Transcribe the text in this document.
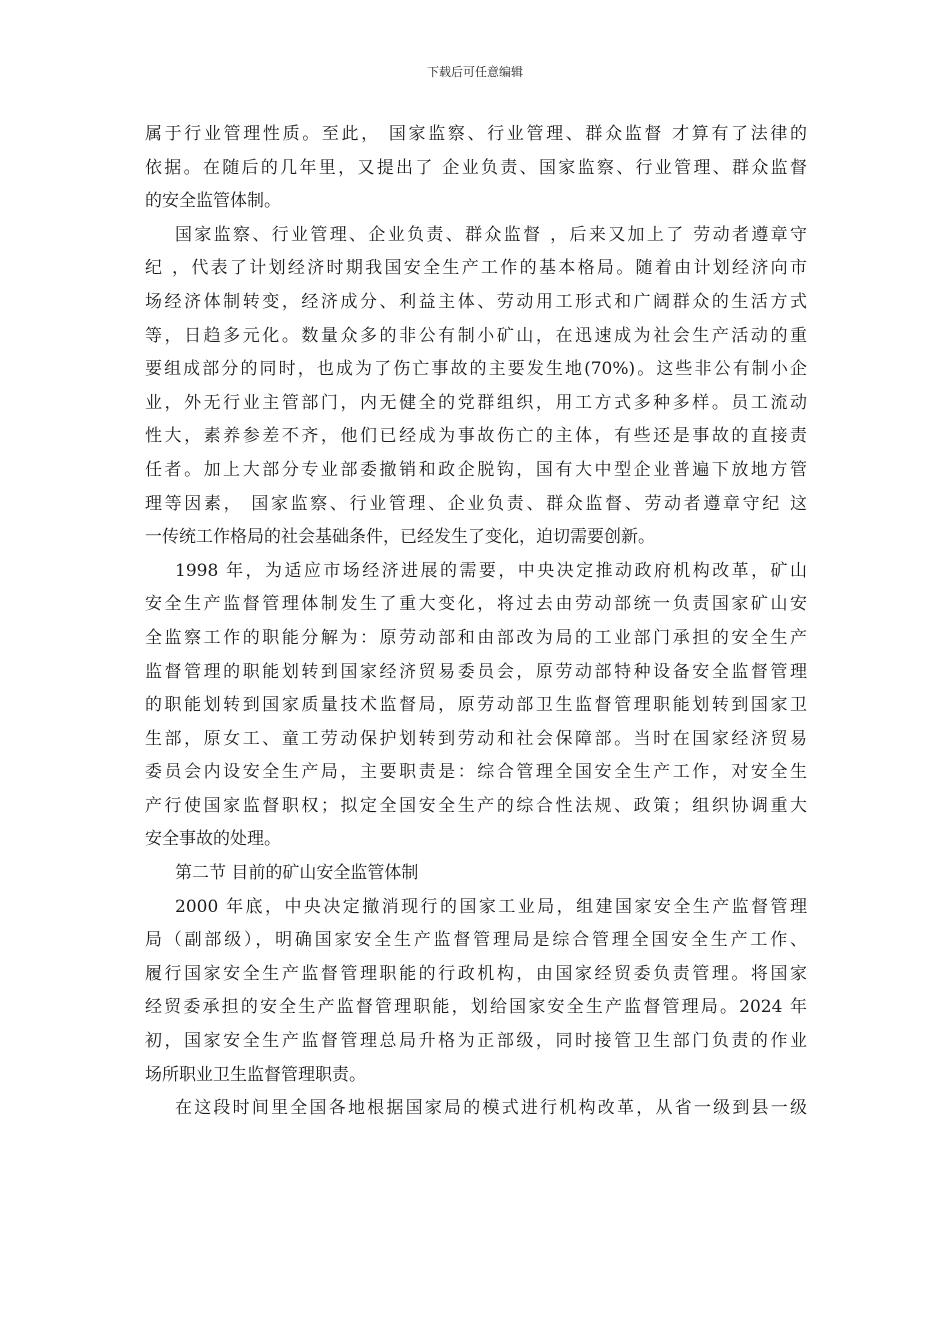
下载后可任意编辑
属于行业管理性质。至此， 国家监察、行业管理、群众监督 才算有了法律的
依据。在随后的几年里，又提出了 企业负责、国家监察、行业管理、群众监督
的安全监管体制。
国家监察、行业管理、企业负责、群众监督 ，后来又加上了 劳动者遵章守
纪 ，代表了计划经济时期我国安全生产工作的基本格局。随着由计划经济向市
场经济体制转变，经济成分、利益主体、劳动用工形式和广阔群众的生活方式
等，日趋多元化。数量众多的非公有制小矿山，在迅速成为社会生产活动的重
要组成部分的同时，也成为了伤亡事故的主要发生地(70%)。这些非公有制小企
业，外无行业主管部门，内无健全的党群组织，用工方式多种多样。员工流动
性大，素养参差不齐，他们已经成为事故伤亡的主体，有些还是事故的直接责
任者。加上大部分专业部委撤销和政企脱钩，国有大中型企业普遍下放地方管
理等因素， 国家监察、行业管理、企业负责、群众监督、劳动者遵章守纪 这
一传统工作格局的社会基础条件，已经发生了变化，迫切需要创新。
1998 年，为适应市场经济进展的需要，中央决定推动政府机构改革，矿山
安全生产监督管理体制发生了重大变化，将过去由劳动部统一负责国家矿山安
全监察工作的职能分解为：原劳动部和由部改为局的工业部门承担的安全生产
监督管理的职能划转到国家经济贸易委员会，原劳动部特种设备安全监督管理
的职能划转到国家质量技术监督局，原劳动部卫生监督管理职能划转到国家卫
生部，原女工、童工劳动保护划转到劳动和社会保障部。当时在国家经济贸易
委员会内设安全生产局，主要职责是：综合管理全国安全生产工作，对安全生
产行使国家监督职权；拟定全国安全生产的综合性法规、政策；组织协调重大
安全事故的处理。
第二节 目前的矿山安全监管体制
2000 年底，中央决定撤消现行的国家工业局，组建国家安全生产监督管理
局（副部级），明确国家安全生产监督管理局是综合管理全国安全生产工作、
履行国家安全生产监督管理职能的行政机构，由国家经贸委负责管理。将国家
经贸委承担的安全生产监督管理职能，划给国家安全生产监督管理局。2024 年
初，国家安全生产监督管理总局升格为正部级，同时接管卫生部门负责的作业
场所职业卫生监督管理职责。
在这段时间里全国各地根据国家局的模式进行机构改革，从省一级到县一级
